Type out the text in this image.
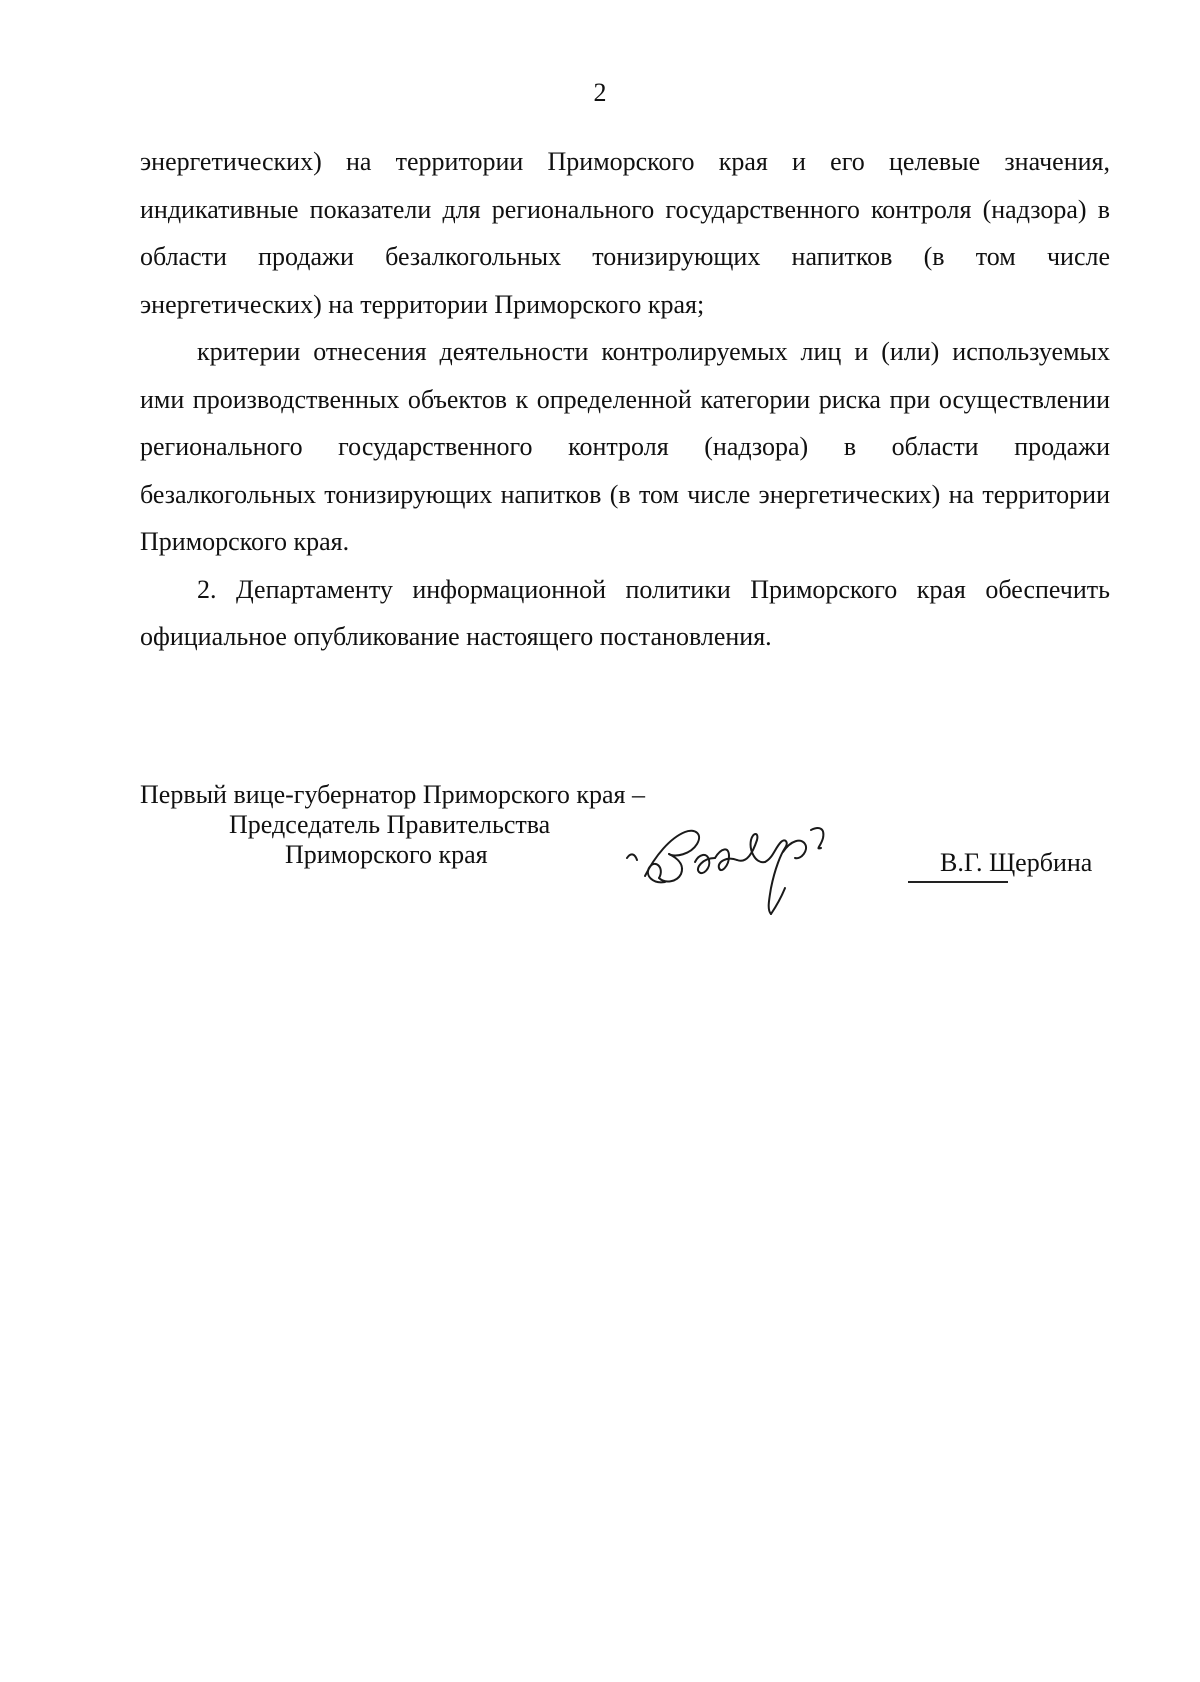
2

энергетических) на территории Приморского края и его целевые значения, индикативные показатели для регионального государственного контроля (надзора) в области продажи безалкогольных тонизирующих напитков (в том числе энергетических) на территории Приморского края;

критерии отнесения деятельности контролируемых лиц и (или) используемых ими производственных объектов к определенной категории риска при осуществлении регионального государственного контроля (надзора) в области продажи безалкогольных тонизирующих напитков (в том числе энергетических) на территории Приморского края.

2. Департаменту информационной политики Приморского края обеспечить официальное опубликование настоящего постановления.

Первый вице-губернатор Приморского края –
Председатель Правительства
Приморского края	В.Г. Щербина
